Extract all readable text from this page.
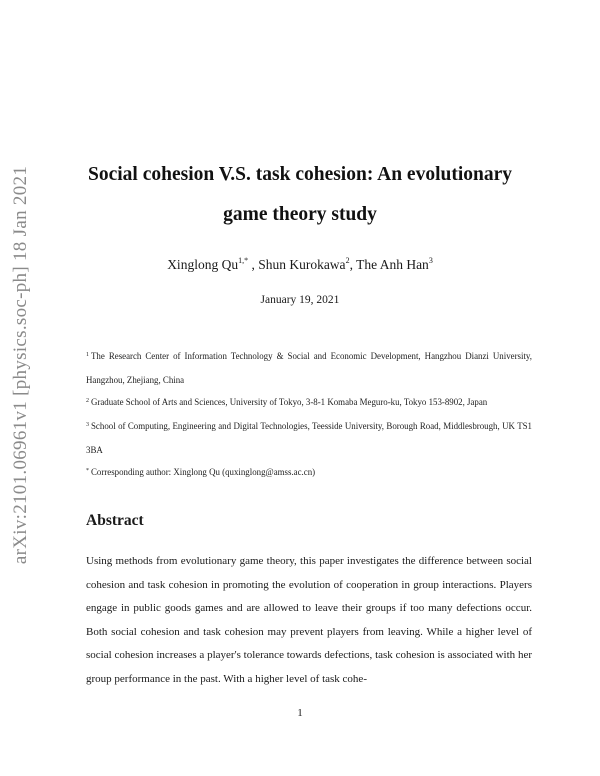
arXiv:2101.06961v1 [physics.soc-ph] 18 Jan 2021	Social cohesion V.S. task cohesion: An evolutionary
game theory study
Xinglong $Qu^{1,*}$ , Shun Kurokawa$^2$, The Anh Han$^3$
January 19, 2021
$^1$ The Research Center of Information Technology & Social and Economic Development, Hangzhou Dianzi University, Hangzhou, Zhejiang, China
$^2$ Graduate School of Arts and Sciences, University of Tokyo, 3-8-1 Komaba Meguro-ku, Tokyo 153-8902, Japan
$^3$ School of Computing, Engineering and Digital Technologies, Teesside University, Borough Road, Middlesbrough, UK TS1 3BA
* Corresponding author: Xinglong Qu (quxinglong@amss.ac.cn)
Abstract

Using methods from evolutionary game theory, this paper investigates the difference between social cohesion and task cohesion in promoting the evolution of cooperation in group interactions. Players engage in public goods games and are allowed to leave their groups if too many defections occur. Both social cohesion and task cohesion may prevent players from leaving. While a higher level of social cohesion increases a player's tolerance towards defections, task cohesion is associated with her group performance in the past. With a higher level of task cohe-

1
